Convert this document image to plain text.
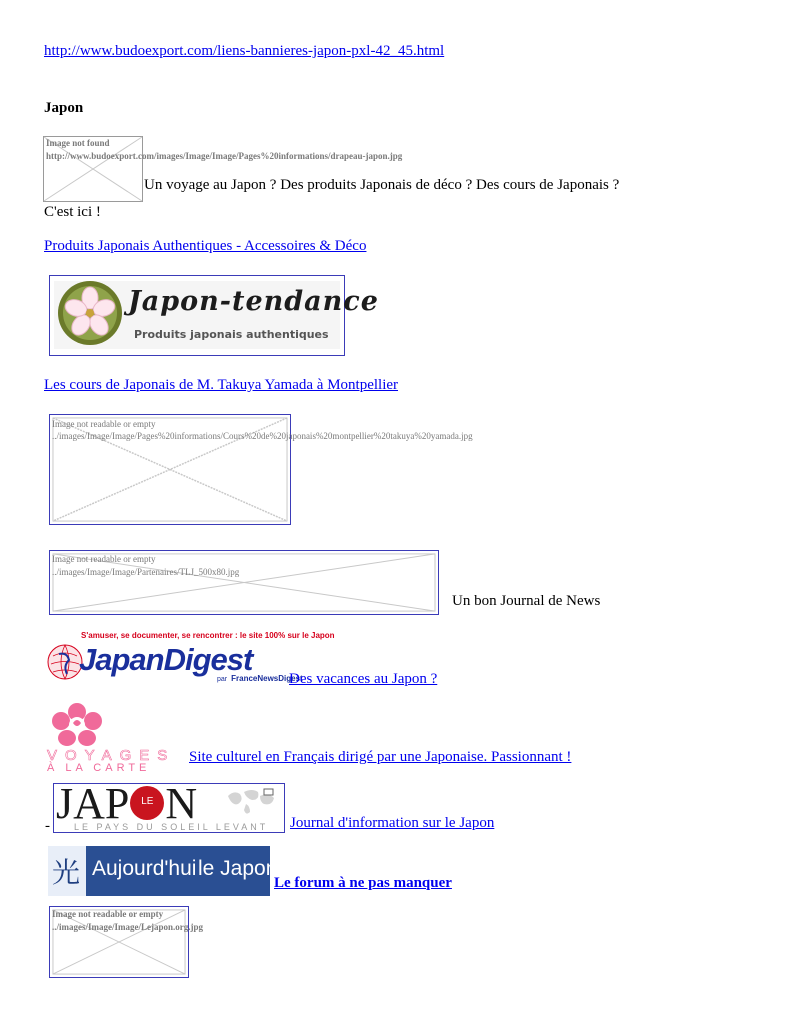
http://www.budoexport.com/liens-bannieres-japon-pxl-42_45.html
Japon
Image not found
http://www.budoexport.com/images/Image/Image/Pages%20informations/drapeau-japon.jpg
Un voyage au Japon ? Des produits Japonais de déco ? Des cours de Japonais ?
C'est ici !
Produits Japonais Authentiques - Accessoires & Déco
Japon-tendance
Produits japonais authentiques
Les cours de Japonais de M. Takuya Yamada à Montpellier
Image not readable or empty
../images/Image/Image/Pages%20informations/Cours%20de%20japonais%20montpellier%20takuya%20yamada.jpg
Image not readable or empty
../images/Image/Image/Partenaires/TLJ_500x80.jpg
Un bon Journal de News
S'amuser, se documenter, se rencontrer : le site 100% sur le Japon
JapanDigest
par FranceNewsDigest
Des vacances au Japon ?
VOYAGES
À LA CARTE
Site culturel en Français dirigé par une Japonaise. Passionnant !
- JAP	LE N
LE PAYS DU SOLEIL LEVANT Journal d'information sur le Japon
光 Aujourd'hui le Japon
Le forum à ne pas manquer
Image not readable or empty
../images/Image/Image/Lejapon.org.jpg
